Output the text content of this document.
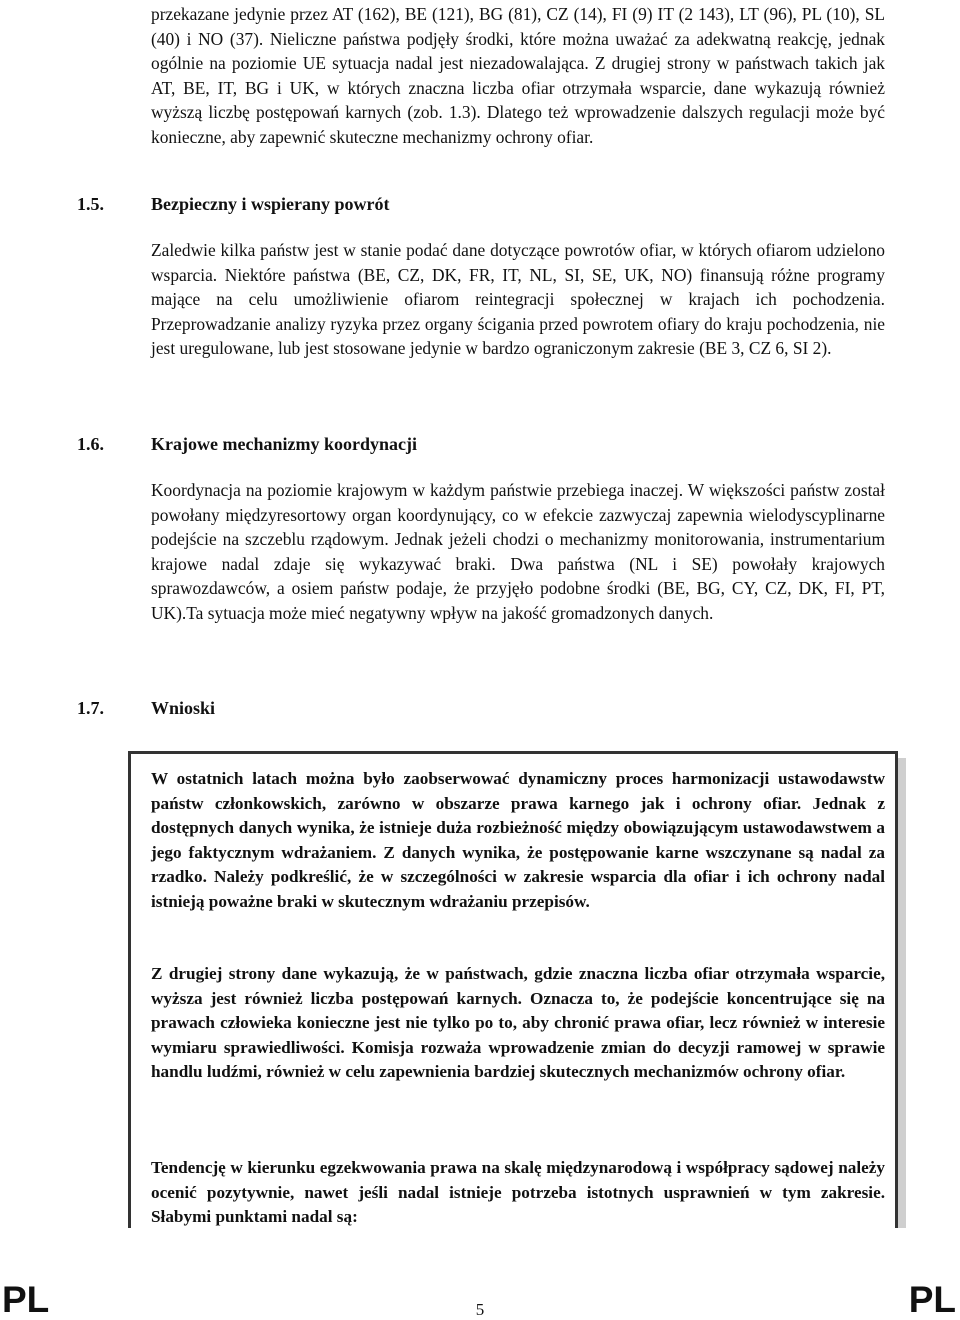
przekazane jedynie przez AT (162), BE (121), BG (81), CZ (14), FI (9) IT (2 143), LT (96), PL (10), SL (40) i NO (37). Nieliczne państwa podjęły środki, które można uważać za adekwatną reakcję, jednak ogólnie na poziomie UE sytuacja nadal jest niezadowalająca. Z drugiej strony w państwach takich jak AT, BE, IT, BG i UK, w których znaczna liczba ofiar otrzymała wsparcie, dane wykazują również wyższą liczbę postępowań karnych (zob. 1.3). Dlatego też wprowadzenie dalszych regulacji może być konieczne, aby zapewnić skuteczne mechanizmy ochrony ofiar.

1.5.	Bezpieczny i wspierany powrót

Zaledwie kilka państw jest w stanie podać dane dotyczące powrotów ofiar, w których ofiarom udzielono wsparcia. Niektóre państwa (BE, CZ, DK, FR, IT, NL, SI, SE, UK, NO) finansują różne programy mające na celu umożliwienie ofiarom reintegracji społecznej w krajach ich pochodzenia. Przeprowadzanie analizy ryzyka przez organy ścigania przed powrotem ofiary do kraju pochodzenia, nie jest uregulowane, lub jest stosowane jedynie w bardzo ograniczonym zakresie (BE 3, CZ 6, SI 2).

1.6.	Krajowe mechanizmy koordynacji

Koordynacja na poziomie krajowym w każdym państwie przebiega inaczej. W większości państw został powołany międzyresortowy organ koordynujący, co w efekcie zazwyczaj zapewnia wielodyscyplinarne podejście na szczeblu rządowym. Jednak jeżeli chodzi o mechanizmy monitorowania, instrumentarium krajowe nadal zdaje się wykazywać braki. Dwa państwa (NL i SE) powołały krajowych sprawozdawców, a osiem państw podaje, że przyjęło podobne środki (BE, BG, CY, CZ, DK, FI, PT, UK).Ta sytuacja może mieć negatywny wpływ na jakość gromadzonych danych.

1.7.	Wnioski

W ostatnich latach można było zaobserwować dynamiczny proces harmonizacji ustawodawstw państw członkowskich, zarówno w obszarze prawa karnego jak i ochrony ofiar. Jednak z dostępnych danych wynika, że istnieje duża rozbieżność między obowiązującym ustawodawstwem a jego faktycznym wdrażaniem. Z danych wynika, że postępowanie karne wszczynane są nadal za rzadko. Należy podkreślić, że w szczególności w zakresie wsparcia dla ofiar i ich ochrony nadal istnieją poważne braki w skutecznym wdrażaniu przepisów.

Z drugiej strony dane wykazują, że w państwach, gdzie znaczna liczba ofiar otrzymała wsparcie, wyższa jest również liczba postępowań karnych. Oznacza to, że podejście koncentrujące się na prawach człowieka konieczne jest nie tylko po to, aby chronić prawa ofiar, lecz również w interesie wymiaru sprawiedliwości. Komisja rozważa wprowadzenie zmian do decyzji ramowej w sprawie handlu ludźmi, również w celu zapewnienia bardziej skutecznych mechanizmów ochrony ofiar.

Tendencję w kierunku egzekwowania prawa na skalę międzynarodową i współpracy sądowej należy ocenić pozytywnie, nawet jeśli nadal istnieje potrzeba istotnych usprawnień w tym zakresie. Słabymi punktami nadal są:

PL	5	PL
